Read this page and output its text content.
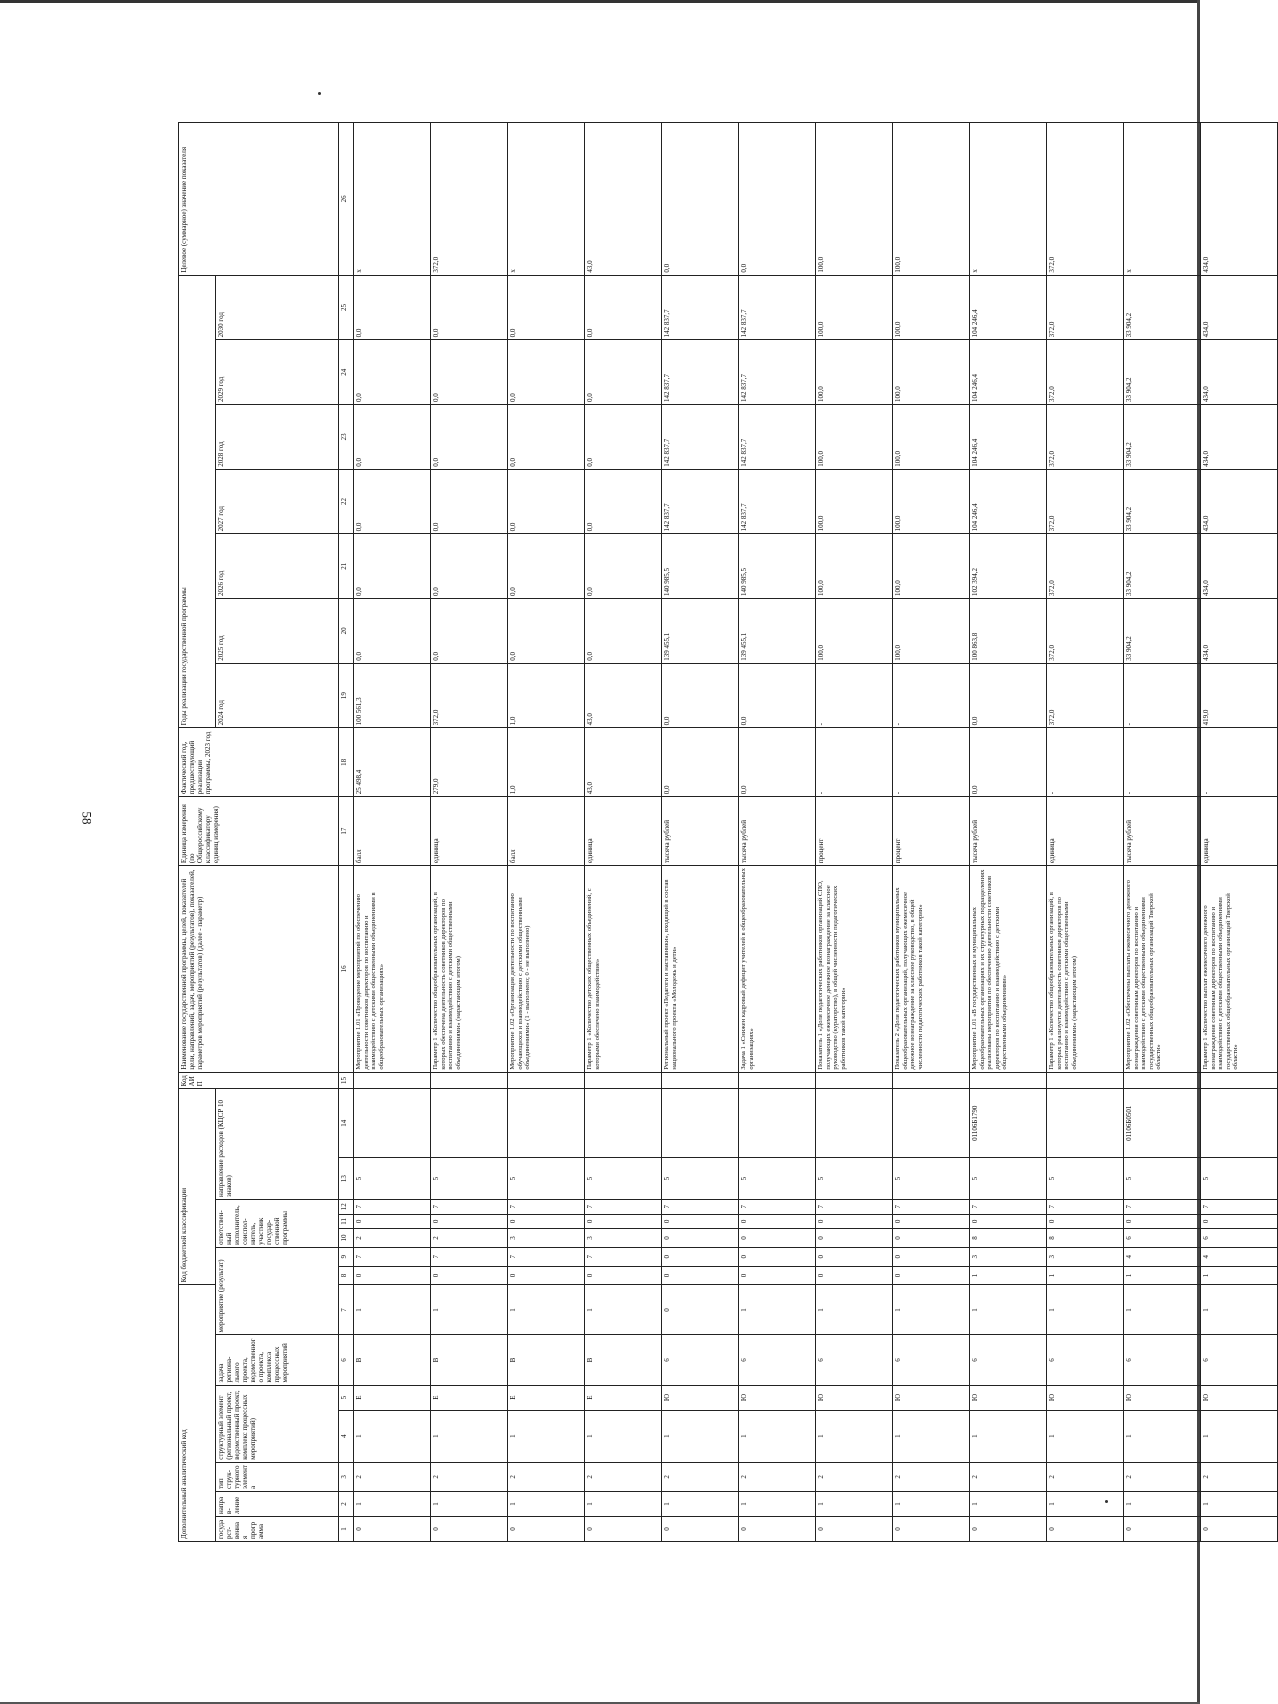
58
Дополнительный аналитический код							Код бюджетной классификации							Код АИП	Наименование государственной программы, целей, показателей цели, направлений, задач, мероприятий (результатов), показателей, параметров мероприятий (результатов) (далее - параметр)	Единица измерения (по Общероссийскому классификатору единиц измерения)	Фактический год, предшествующий реализации программы, 2023 год	Годы реализации государственной программы							Целевое (суммарное) значение показателя
государст-венная программа	направ-ление	тип струк-турного элемента	структурный элемент (региональный проект, ведомственный проект, комплекс процессных мероприятий)		задача региона-льного проекта, ведомственного проекта, комплекса процессных мероприятий	мероприятие (результат)			ответствен-ный исполнитель, соиспол-нитель, участник государ-ственной программы			направление расходов (КЦСР 10 знаков)						2024 год	2025 год	2026 год	2027 год	2028 год	2029 год	2030 год	

1	2	3	4	5	6	7	8	9	10	11	12	13	14	15	16	17	18	19	20	21	22	23	24	25	26
0	1	2	1	Е	В	1	0	7	2	0	7	5			Мероприятие 1.01 «Проведение мероприятий по обеспечению деятельности советников директоров по воспитанию и взаимодействию с детскими общественными объединениями в общеобразовательных организациях»	балл	25 498,4	100 561,3	0,0	0,0	0,0	0,0	0,0	0,0	х
0	1	2	1	Е	В	1	0	7	2	0	7	5			Параметр 1 «Количество общеобразовательных организаций, в которых обеспечена деятельность советников директоров по воспитанию и взаимодействию с детскими общественными объединениями» (нарастающим итогом)	единица	279,0	372,0	0,0	0,0	0,0	0,0	0,0	0,0	372,0
0	1	2	1	Е	В	1	0	7	3	0	7	5			Мероприятие 1.02 «Организация деятельности по воспитанию обучающихся и взаимодействию с детскими общественными объединениями» (1 - выполнено; 0 - не выполнено)	балл	1,0	1,0	0,0	0,0	0,0	0,0	0,0	0,0	х
0	1	2	1	Е	В	1	0	7	3	0	7	5			Параметр 1 «Количество детских общественных объединений, с которыми обеспечено взаимодействие»	единица	43,0	43,0	0,0	0,0	0,0	0,0	0,0	0,0	43,0
0	1	2	1	Ю	6	0	0	0	0	0	7	5			Региональный проект «Педагоги и наставники», входящий в состав национального проекта «Молодежь и дети»	тысяча рублей	0,0	0,0	139 455,1	140 985,5	142 837,7	142 837,7	142 837,7	142 837,7	0,0
0	1	2	1	Ю	6	1	0	0	0	0	7	5			Задача 1 «Снижен кадровый дефицит учителей в общеобразовательных организациях»	тысяча рублей	0,0	0,0	139 455,1	140 985,5	142 837,7	142 837,7	142 837,7	142 837,7	0,0
0	1	2	1	Ю	6	1	0	0	0	0	7	5			Показатель 1 «Доля педагогических работников организаций СПО, получающих ежемесячное денежное вознаграждение за классное руководство (кураторство), в общей численности педагогических работников такой категории»	процент	-	-	100,0	100,0	100,0	100,0	100,0	100,0	100,0
0	1	2	1	Ю	6	1	0	0	0	0	7	5			Показатель 2 «Доля педагогических работников муниципальных общеобразовательных организаций, получающих ежемесячное денежное вознаграждение за классное руководство, в общей численности педагогических работников такой категории»	процент	-	-	100,0	100,0	100,0	100,0	100,0	100,0	100,0
0	1	2	1	Ю	6	1	1	3	8	0	7	5	01106Б1790		Мероприятие 1.01 «В государственных и муниципальных общеобразовательных организациях и их структурных подразделениях реализованы мероприятия по обеспечению деятельности советников директоров по воспитанию и взаимодействию с детскими общественными объединениями»	тысяча рублей	0,0	0,0	100 863,8	102 394,2	104 246,4	104 246,4	104 246,4	104 246,4	х
0	1	2	1	Ю	6	1	1	3	8	0	7	5			Параметр 1 «Количество общеобразовательных организаций, в которых реализуется деятельность советников директоров по воспитанию и взаимодействию с детскими общественными объединениями» (нарастающим итогом)	единица	-	372,0	372,0	372,0	372,0	372,0	372,0	372,0	372,0
0	1	2	1	Ю	6	1	1	4	6	0	7	5	01106Б0501		Мероприятие 1.02 «Обеспечены выплаты ежемесячного денежного вознаграждения советникам директоров по воспитанию и взаимодействию с детскими общественными объединениями государственных общеобразовательных организаций Тверской области»	тысяча рублей	-	-	33 904,2	33 904,2	33 904,2	33 904,2	33 904,2	33 904,2	х
0	1	2	1	Ю	6	1	1	4	6	0	7	5			Параметр 1 «Количество выплат ежемесячного денежного вознаграждения советникам директоров по воспитанию и взаимодействию с детскими общественными объединениями государственных общеобразовательных организаций Тверской области»	единица	-	419,0	434,0	434,0	434,0	434,0	434,0	434,0	434,0
